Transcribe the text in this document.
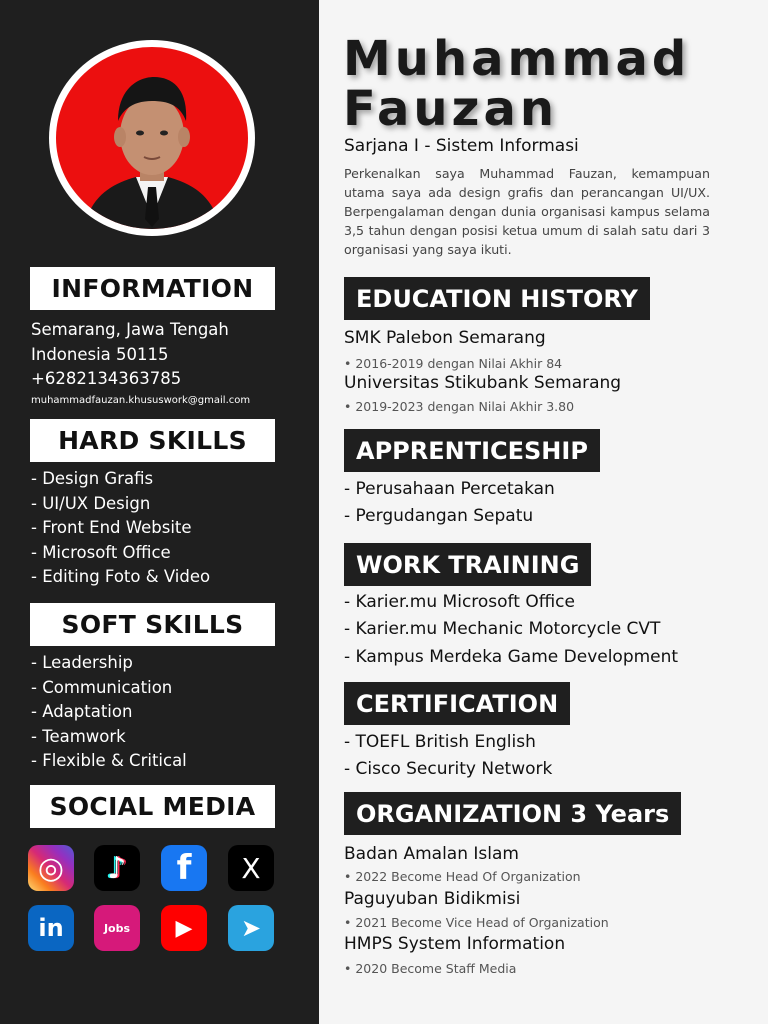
INFORMATION
Semarang, Jawa Tengah
Indonesia 50115
+6282134363785
muhammadfauzan.khususwork@gmail.com
HARD SKILLS
- Design Grafis
- UI/UX Design
- Front End Website
- Microsoft Office
- Editing Foto & Video
SOFT SKILLS
- Leadership
- Communication
- Adaptation
- Teamwork
- Flexible & Critical
SOCIAL MEDIA
◎	♪	f	X
in	Jobs	▶	➤
Muhammad
Fauzan
Sarjana I - Sistem Informasi
Perkenalkan saya Muhammad Fauzan, kemampuan utama saya ada design grafis dan perancangan UI/UX. Berpengalaman dengan dunia organisasi kampus selama 3,5 tahun dengan posisi ketua umum di salah satu dari 3 organisasi yang saya ikuti.
EDUCATION HISTORY
SMK Palebon Semarang
• 2016-2019 dengan Nilai Akhir 84
Universitas Stikubank Semarang
• 2019-2023 dengan Nilai Akhir 3.80
APPRENTICESHIP
- Perusahaan Percetakan
- Pergudangan Sepatu
WORK TRAINING
- Karier.mu Microsoft Office
- Karier.mu Mechanic Motorcycle CVT
- Kampus Merdeka Game Development
CERTIFICATION
- TOEFL British English
- Cisco Security Network
ORGANIZATION 3 Years
Badan Amalan Islam
• 2022 Become Head Of Organization
Paguyuban Bidikmisi
• 2021 Become Vice Head of Organization
HMPS System Information
• 2020 Become Staff Media
